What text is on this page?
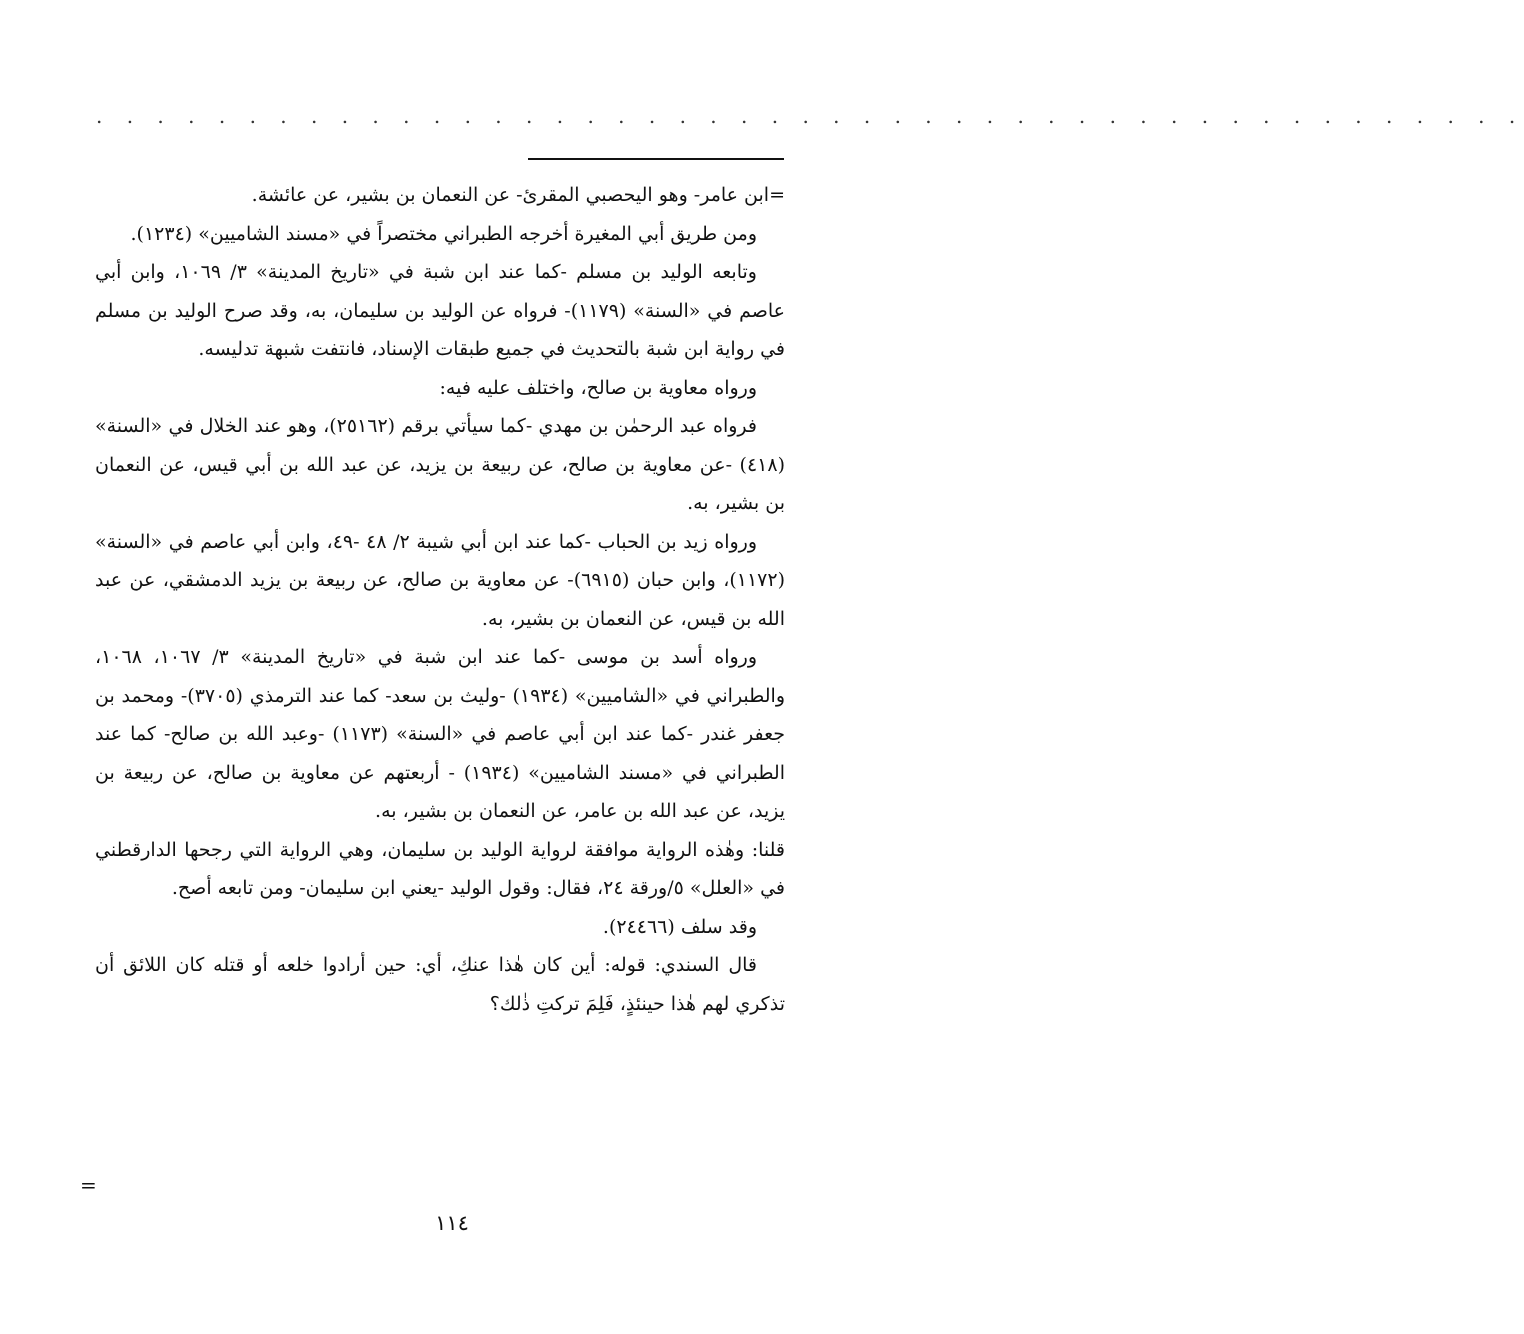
. . . . . . . . . . . . . . . . . . . . . . . . . . . . . . . . . . . . . . . . . . . . . . .

=ابن عامر- وهو اليحصبي المقرئ- عن النعمان بن بشير، عن عائشة.

ومن طريق أبي المغيرة أخرجه الطبراني مختصراً في «مسند الشاميين» (١٢٣٤).

وتابعه الوليد بن مسلم -كما عند ابن شبة في «تاريخ المدينة» ٣/ ١٠٦٩، وابن أبي عاصم في «السنة» (١١٧٩)- فرواه عن الوليد بن سليمان، به، وقد صرح الوليد بن مسلم في رواية ابن شبة بالتحديث في جميع طبقات الإسناد، فانتفت شبهة تدليسه.

ورواه معاوية بن صالح، واختلف عليه فيه:

فرواه عبد الرحمٰن بن مهدي -كما سيأتي برقم (٢٥١٦٢)، وهو عند الخلال في «السنة» (٤١٨) -عن معاوية بن صالح، عن ربيعة بن يزيد، عن عبد الله بن أبي قيس، عن النعمان بن بشير، به.

ورواه زيد بن الحباب -كما عند ابن أبي شيبة ٢/ ٤٨ -٤٩، وابن أبي عاصم في «السنة» (١١٧٢)، وابن حبان (٦٩١٥)- عن معاوية بن صالح، عن ربيعة بن يزيد الدمشقي، عن عبد الله بن قيس، عن النعمان بن بشير، به.

ورواه أسد بن موسى -كما عند ابن شبة في «تاريخ المدينة» ٣/ ١٠٦٧، ١٠٦٨، والطبراني في «الشاميين» (١٩٣٤) -وليث بن سعد- كما عند الترمذي (٣٧٠٥)- ومحمد بن جعفر غندر -كما عند ابن أبي عاصم في «السنة» (١١٧٣) -وعبد الله بن صالح- كما عند الطبراني في «مسند الشاميين» (١٩٣٤) - أربعتهم عن معاوية بن صالح، عن ربيعة بن يزيد، عن عبد الله بن عامر، عن النعمان بن بشير، به.

قلنا: وهٰذه الرواية موافقة لرواية الوليد بن سليمان، وهي الرواية التي رجحها الدارقطني في «العلل» ٥/ورقة ٢٤، فقال: وقول الوليد -يعني ابن سليمان- ومن تابعه أصح.

وقد سلف (٢٤٤٦٦).

قال السندي: قوله: أين كان هٰذا عنكِ، أي: حين أرادوا خلعه أو قتله كان اللائق أن تذكري لهم هٰذا حينئذٍ، فَلِمَ تركتِ ذٰلك؟

=
١١٤
